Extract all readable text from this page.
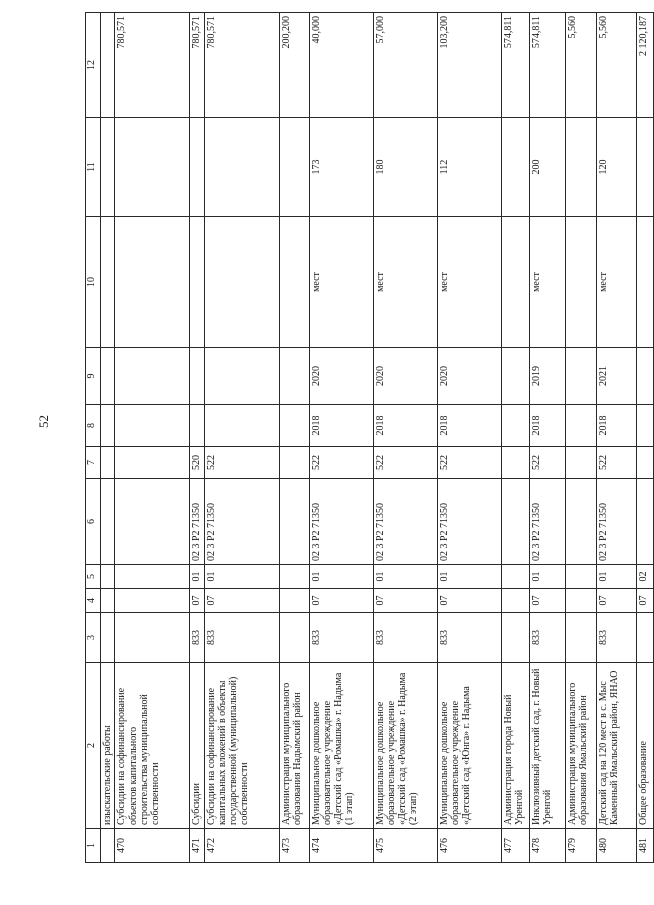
52
1	2	3	4	5	6	7	8	9	10	11	12
	изыскательские работы										
470	Субсидии на софинансирование объектов капитального строительства муниципальной собственности										780,571
471	Субсидии	833	07	01	02 3 P2 71350	520					780,571
472	Субсидии на софинансирование капитальных вложений в объекты государственной (муниципальной) собственности	833	07	01	02 3 P2 71350	522					780,571
473	Администрация муниципального образования Надымский район										200,200
474	Муниципальное дошкольное образовательное учреждение «Детский сад «Ромашка» г. Надыма (1 этап)	833	07	01	02 3 P2 71350	522	2018	2020	мест	173	40,000
475	Муниципальное дошкольное образовательное учреждение «Детский сад «Ромашка» г. Надыма (2 этап)	833	07	01	02 3 P2 71350	522	2018	2020	мест	180	57,000
476	Муниципальное дошкольное образовательное учреждение «Детский сад «Юнга» г. Надыма	833	07	01	02 3 P2 71350	522	2018	2020	мест	112	103,200
477	Администрация города Новый Уренгой										574,811
478	Инклюзивный детский сад, г. Новый Уренгой	833	07	01	02 3 P2 71350	522	2018	2019	мест	200	574,811
479	Администрация муниципального образования Ямальский район										5,560
480	Детский сад на 120 мест в с. Мыс Каменный Ямальский район, ЯНАО	833	07	01	02 3 P2 71350	522	2018	2021	мест	120	5,560
481	Общее образование		07	02							2 120,187
